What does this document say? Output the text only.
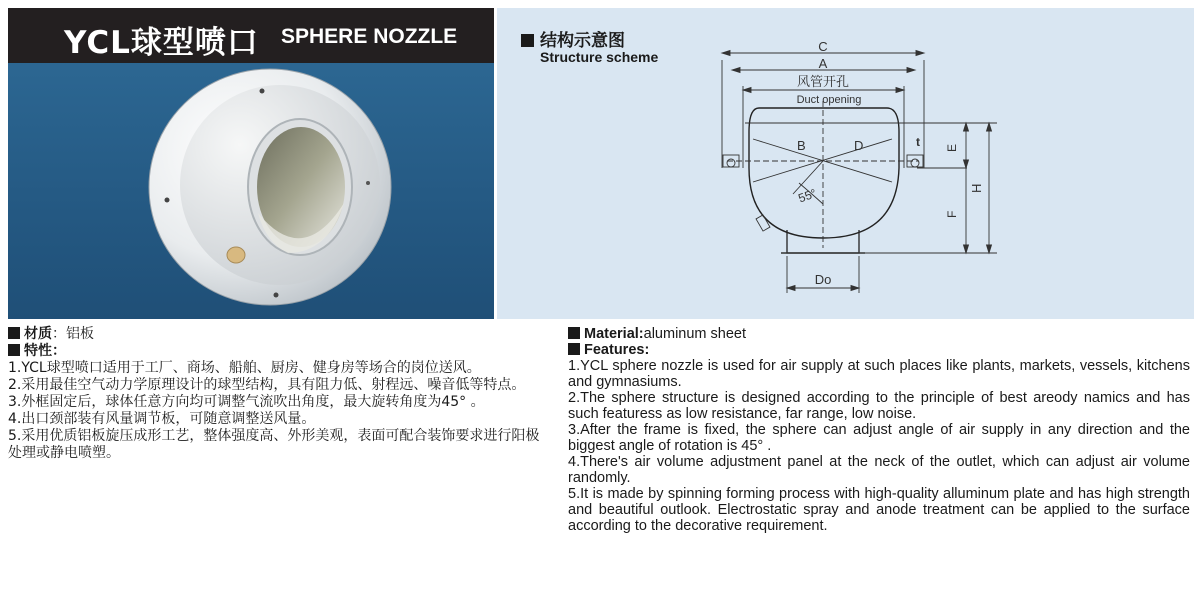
YCL球型喷口 SPHERE NOZZLE	结构示意图
Structure scheme
C
A
风管开孔
Duct opening
B	D
55°
Do
E
F
H
t
材质：铝板
特性：
1.YCL球型喷口适用于工厂、商场、船舶、厨房、健身房等场合的岗位送风。
2.采用最佳空气动力学原理设计的球型结构，具有阻力低、射程远、噪音低等特点。
3.外框固定后，球体任意方向均可调整气流吹出角度，最大旋转角度为45° 。
4.出口颈部装有风量调节板，可随意调整送风量。
5.采用优质铝板旋压成形工艺，整体强度高、外形美观，表面可配合装饰要求进行阳极处理或静电喷塑。
Material:aluminum sheet
Features:
1.YCL sphere nozzle is used for air supply at such places like plants, markets, vessels, kitchens and gymnasiums.
2.The sphere structure is designed according to the principle of best areody namics and has such featuress as low resistance, far range, low noise.
3.After the frame is fixed, the sphere can adjust angle of air supply in any direction and the biggest angle of rotation is 45° .
4.There's air volume adjustment panel at the neck of the outlet, which can adjust air volume randomly.
5.It is made by spinning forming process with high-quality alluminum plate and has high strength and beautiful outlook. Electrostatic spray and anode treatment can be applied to the surface according to the decorative requirement.
